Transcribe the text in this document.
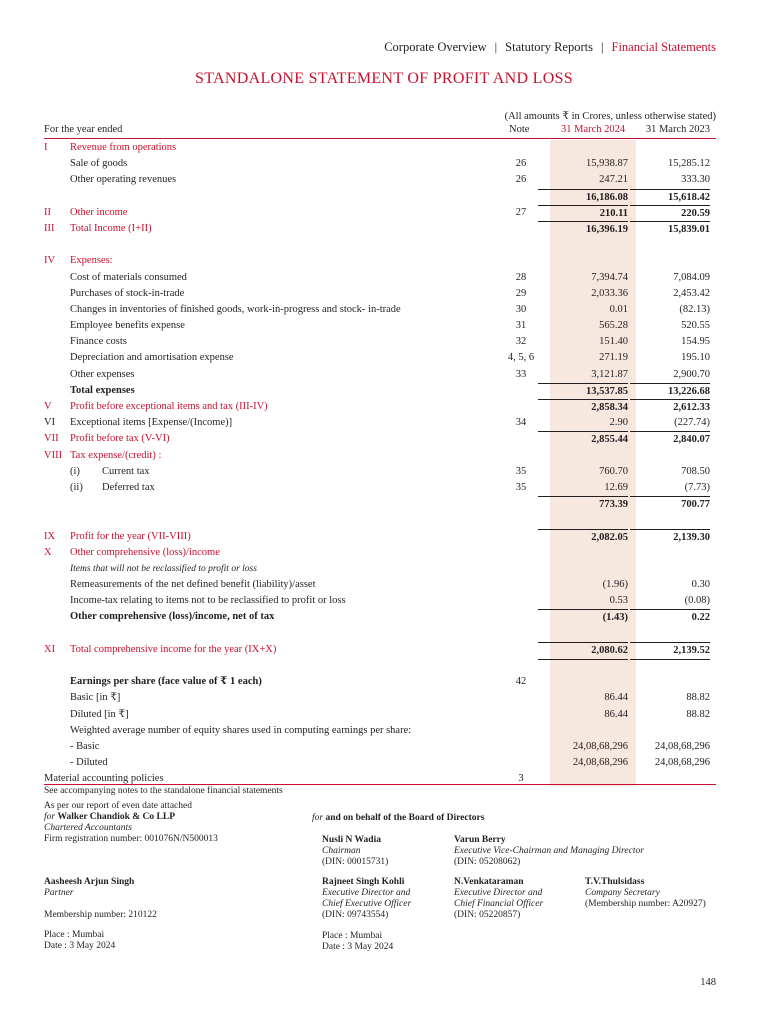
Corporate Overview | Statutory Reports | Financial Statements
STANDALONE STATEMENT OF PROFIT AND LOSS
(All amounts ₹ in Crores, unless otherwise stated)
For the year ended	Note	31 March 2024 31 March 2023
I Revenue from operations
Sale of goods	26	15,938.87	15,285.12
Other operating revenues	26	247.21	333.30
16,186.08	15,618.42
II Other income	27	210.11	220.59
III Total Income (I+II)	16,396.19	15,839.01
IV Expenses:
Cost of materials consumed	28	7,394.74	7,084.09
Purchases of stock-in-trade	29	2,033.36	2,453.42
Changes in inventories of finished goods, work-in-progress and stock- in-trade	30	0.01	(82.13)
Employee benefits expense	31	565.28	520.55
Finance costs	32	151.40	154.95
Depreciation and amortisation expense	4, 5, 6	271.19	195.10
Other expenses	33	3,121.87	2,900.70
Total expenses	13,537.85	13,226.68
V Profit before exceptional items and tax (III-IV)	2,858.34	2,612.33
VI Exceptional items [Expense/(Income)]	34	2.90	(227.74)
VII Profit before tax (V-VI)	2,855.44	2,840.07
VIII Tax expense/(credit) :
(i) Current tax	35	760.70	708.50
(ii) Deferred tax	35	12.69	(7.73)
773.39	700.77
IX Profit for the year (VII-VIII)	2,082.05	2,139.30
X Other comprehensive (loss)/income
Items that will not be reclassified to profit or loss
Remeasurements of the net defined benefit (liability)/asset	(1.96)	0.30
Income-tax relating to items not to be reclassified to profit or loss	0.53	(0.08)
Other comprehensive (loss)/income, net of tax	(1.43)	0.22
XI Total comprehensive income for the year (IX+X)	2,080.62	2,139.52
Earnings per share (face value of ₹ 1 each)	42
Basic [in ₹]	86.44	88.82
Diluted [in ₹]	86.44	88.82
Weighted average number of equity shares used in computing earnings per share:
- Basic	24,08,68,296	24,08,68,296
- Diluted	24,08,68,296	24,08,68,296
Material accounting policies	3
See accompanying notes to the standalone financial statements
As per our report of even date attached
for Walker Chandiok & Co LLP
Chartered Accountants
Firm registration number: 001076N/N500013
Aasheesh Arjun Singh
Partner
Membership number: 210122
Place : Mumbai
Date : 3 May 2024
for and on behalf of the Board of Directors
Nusli N Wadia
Chairman
(DIN: 00015731)
Varun Berry
Executive Vice-Chairman and Managing Director
(DIN: 05208062)
Rajneet Singh Kohli
Executive Director and
Chief Executive Officer
(DIN: 09743554)
N.Venkataraman
Executive Director and
Chief Financial Officer
(DIN: 05220857)
T.V.Thulsidass
Company Secretary
(Membership number: A20927)
Place : Mumbai
Date : 3 May 2024
148
